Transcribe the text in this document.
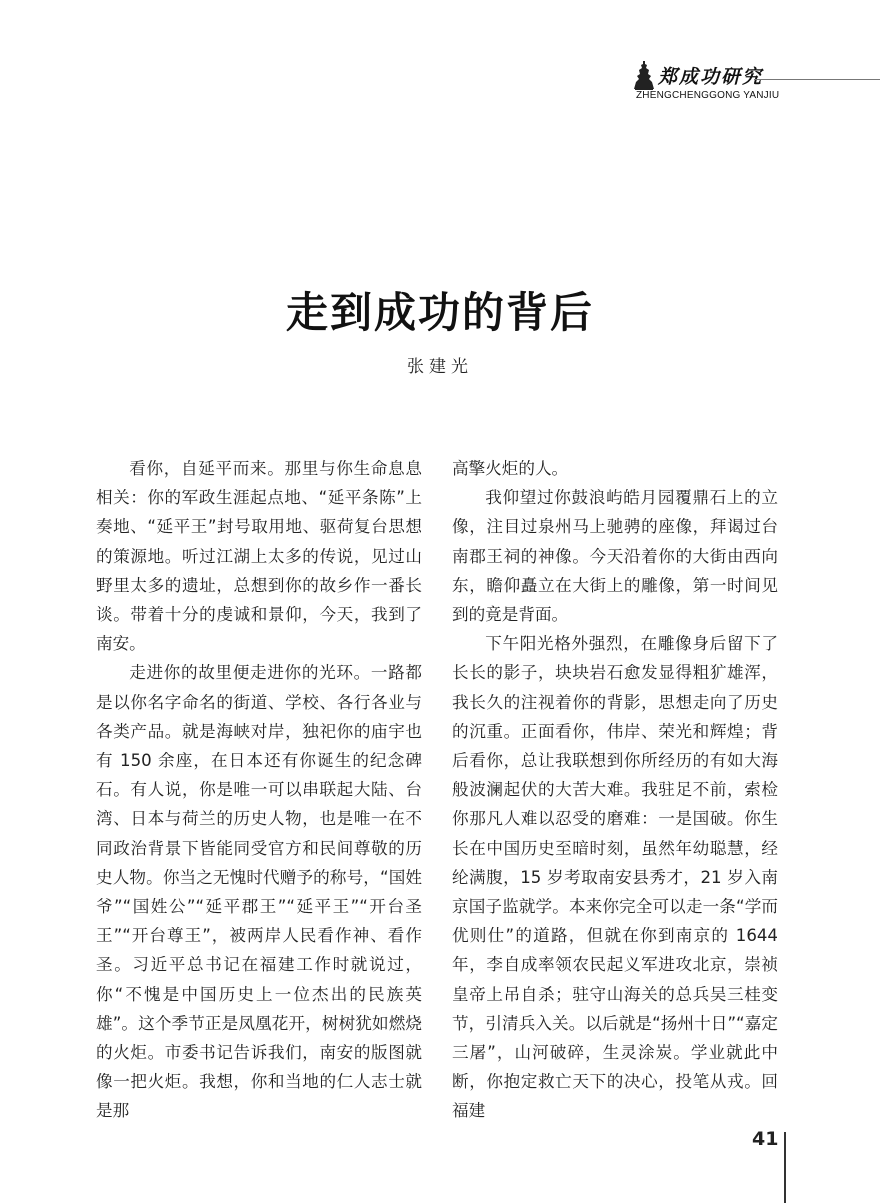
郑成功研究
ZHENGCHENGGONG YANJIU
走到成功的背后
张建光

看你，自延平而来。那里与你生命息息相关：你的军政生涯起点地、“延平条陈”上奏地、“延平王”封号取用地、驱荷复台思想的策源地。听过江湖上太多的传说，见过山野里太多的遗址，总想到你的故乡作一番长谈。带着十分的虔诚和景仰，今天，我到了南安。

走进你的故里便走进你的光环。一路都是以你名字命名的街道、学校、各行各业与各类产品。就是海峡对岸，独祀你的庙宇也有 150 余座，在日本还有你诞生的纪念碑石。有人说，你是唯一可以串联起大陆、台湾、日本与荷兰的历史人物，也是唯一在不同政治背景下皆能同受官方和民间尊敬的历史人物。你当之无愧时代赠予的称号，“国姓爷”“国姓公”“延平郡王”“延平王”“开台圣王”“开台尊王”，被两岸人民看作神、看作圣。习近平总书记在福建工作时就说过，你“不愧是中国历史上一位杰出的民族英雄”。这个季节正是凤凰花开，树树犹如燃烧的火炬。市委书记告诉我们，南安的版图就像一把火炬。我想，你和当地的仁人志士就是那

高擎火炬的人。

我仰望过你鼓浪屿皓月园覆鼎石上的立像，注目过泉州马上驰骋的座像，拜谒过台南郡王祠的神像。今天沿着你的大街由西向东，瞻仰矗立在大街上的雕像，第一时间见到的竟是背面。

下午阳光格外强烈，在雕像身后留下了长长的影子，块块岩石愈发显得粗犷雄浑，我长久的注视着你的背影，思想走向了历史的沉重。正面看你，伟岸、荣光和辉煌；背后看你，总让我联想到你所经历的有如大海般波澜起伏的大苦大难。我驻足不前，索检你那凡人难以忍受的磨难：一是国破。你生长在中国历史至暗时刻，虽然年幼聪慧，经纶满腹，15 岁考取南安县秀才，21 岁入南京国子监就学。本来你完全可以走一条“学而优则仕”的道路，但就在你到南京的 1644 年，李自成率领农民起义军进攻北京，崇祯皇帝上吊自杀；驻守山海关的总兵吴三桂变节，引清兵入关。以后就是“扬州十日”“嘉定三屠”，山河破碎，生灵涂炭。学业就此中断，你抱定救亡天下的决心，投笔从戎。回福建

41
